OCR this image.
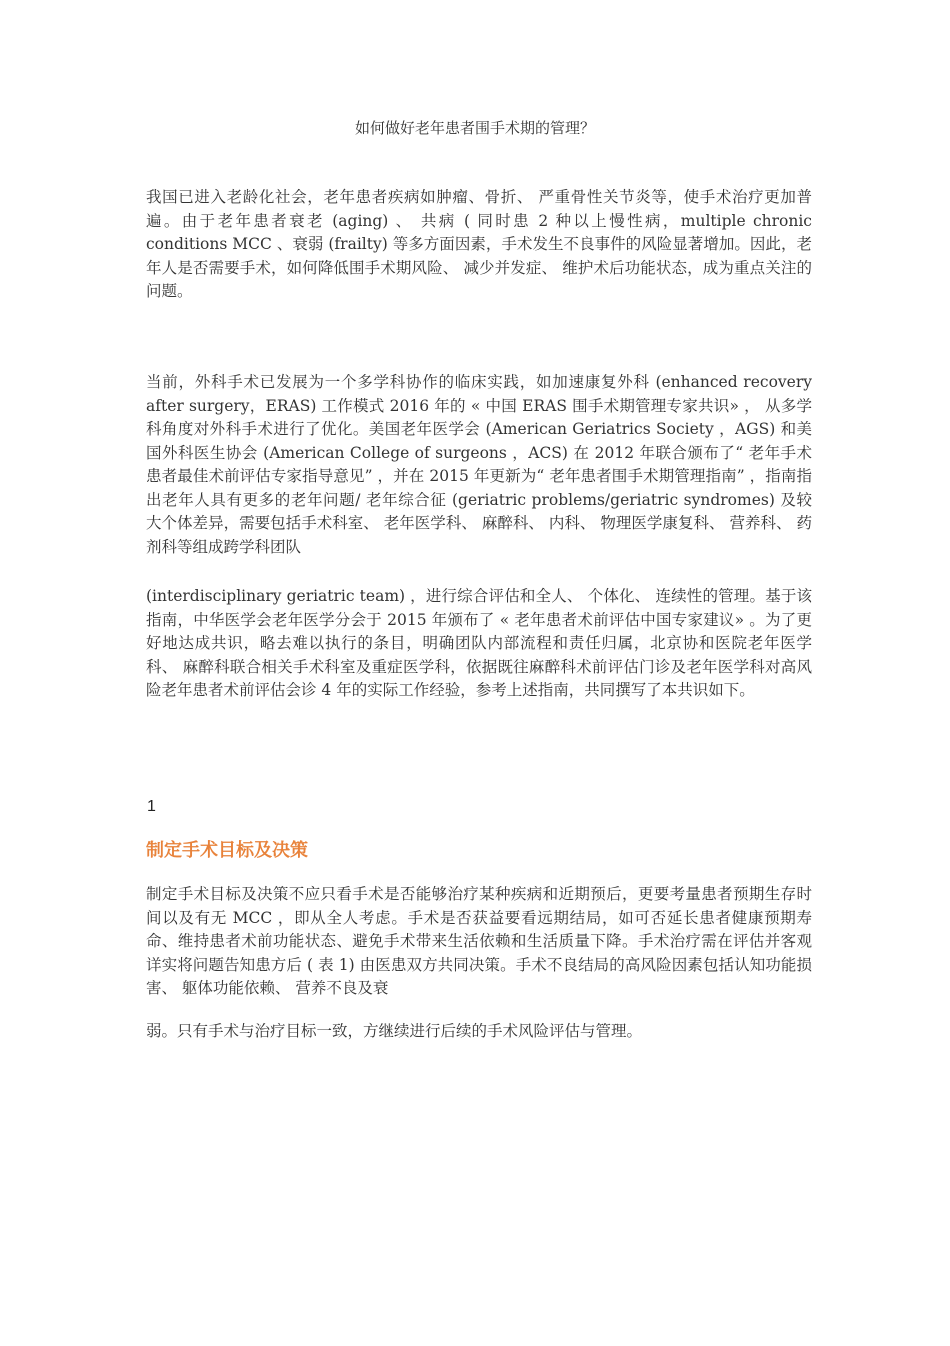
如何做好老年患者围手术期的管理？

我国已进入老龄化社会，老年患者疾病如肿瘤、骨折、 严重骨性关节炎等，使手术治疗更加普遍。由于老年患者衰老 (aging) 、 共病 ( 同时患 2 种以上慢性病，multiple chronic conditions MCC 、衰弱 (frailty) 等多方面因素，手术发生不良事件的风险显著增加。因此，老年人是否需要手术，如何降低围手术期风险、 减少并发症、 维护术后功能状态，成为重点关注的问题。

当前，外科手术已发展为一个多学科协作的临床实践，如加速康复外科 (enhanced recovery after surgery，ERAS) 工作模式 2016 年的 « 中国 ERAS 围手术期管理专家共识» ， 从多学科角度对外科手术进行了优化。美国老年医学会 (American Geriatrics Society ，AGS) 和美国外科医生协会 (American College of surgeons ，ACS) 在 2012 年联合颁布了“ 老年手术患者最佳术前评估专家指导意见” ，并在 2015 年更新为“ 老年患者围手术期管理指南” ，指南指出老年人具有更多的老年问题/ 老年综合征 (geriatric problems/geriatric syndromes) 及较大个体差异，需要包括手术科室、 老年医学科、 麻醉科、 内科、 物理医学康复科、 营养科、 药剂科等组成跨学科团队

(interdisciplinary geriatric team) ，进行综合评估和全人、 个体化、 连续性的管理。基于该指南，中华医学会老年医学分会于 2015 年颁布了 « 老年患者术前评估中国专家建议» 。为了更好地达成共识，略去难以执行的条目，明确团队内部流程和责任归属，北京协和医院老年医学科、 麻醉科联合相关手术科室及重症医学科，依据既往麻醉科术前评估门诊及老年医学科对高风险老年患者术前评估会诊 4 年的实际工作经验，参考上述指南，共同撰写了本共识如下。

1
制定手术目标及决策

制定手术目标及决策不应只看手术是否能够治疗某种疾病和近期预后，更要考量患者预期生存时间以及有无 MCC ，即从全人考虑。手术是否获益要看远期结局，如可否延长患者健康预期寿命、维持患者术前功能状态、避免手术带来生活依赖和生活质量下降。手术治疗需在评估并客观详实将问题告知患方后 ( 表 1) 由医患双方共同决策。手术不良结局的高风险因素包括认知功能损害、 躯体功能依赖、 营养不良及衰

弱。只有手术与治疗目标一致，方继续进行后续的手术风险评估与管理。
